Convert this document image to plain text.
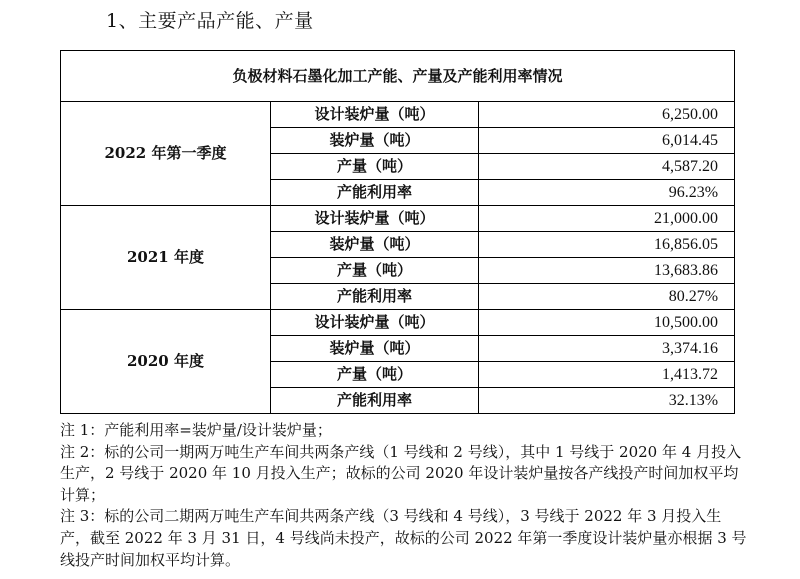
1、主要产品产能、产量
负极材料石墨化加工产能、产量及产能利用率情况		
2022 年第一季度	设计装炉量（吨）	6,250.00
	装炉量（吨）	6,014.45
	产量（吨）	4,587.20
	产能利用率	96.23%
2021 年度	设计装炉量（吨）	21,000.00
	装炉量（吨）	16,856.05
	产量（吨）	13,683.86
	产能利用率	80.27%
2020 年度	设计装炉量（吨）	10,500.00
	装炉量（吨）	3,374.16
	产量（吨）	1,413.72
	产能利用率	32.13%

注 1：产能利用率=装炉量/设计装炉量；

注 2：标的公司一期两万吨生产车间共两条产线（1 号线和 2 号线），其中 1 号线于 2020 年 4 月投入生产，2 号线于 2020 年 10 月投入生产；故标的公司 2020 年设计装炉量按各产线投产时间加权平均计算；

注 3：标的公司二期两万吨生产车间共两条产线（3 号线和 4 号线），3 号线于 2022 年 3 月投入生产，截至 2022 年 3 月 31 日，4 号线尚未投产，故标的公司 2022 年第一季度设计装炉量亦根据 3 号线投产时间加权平均计算。
